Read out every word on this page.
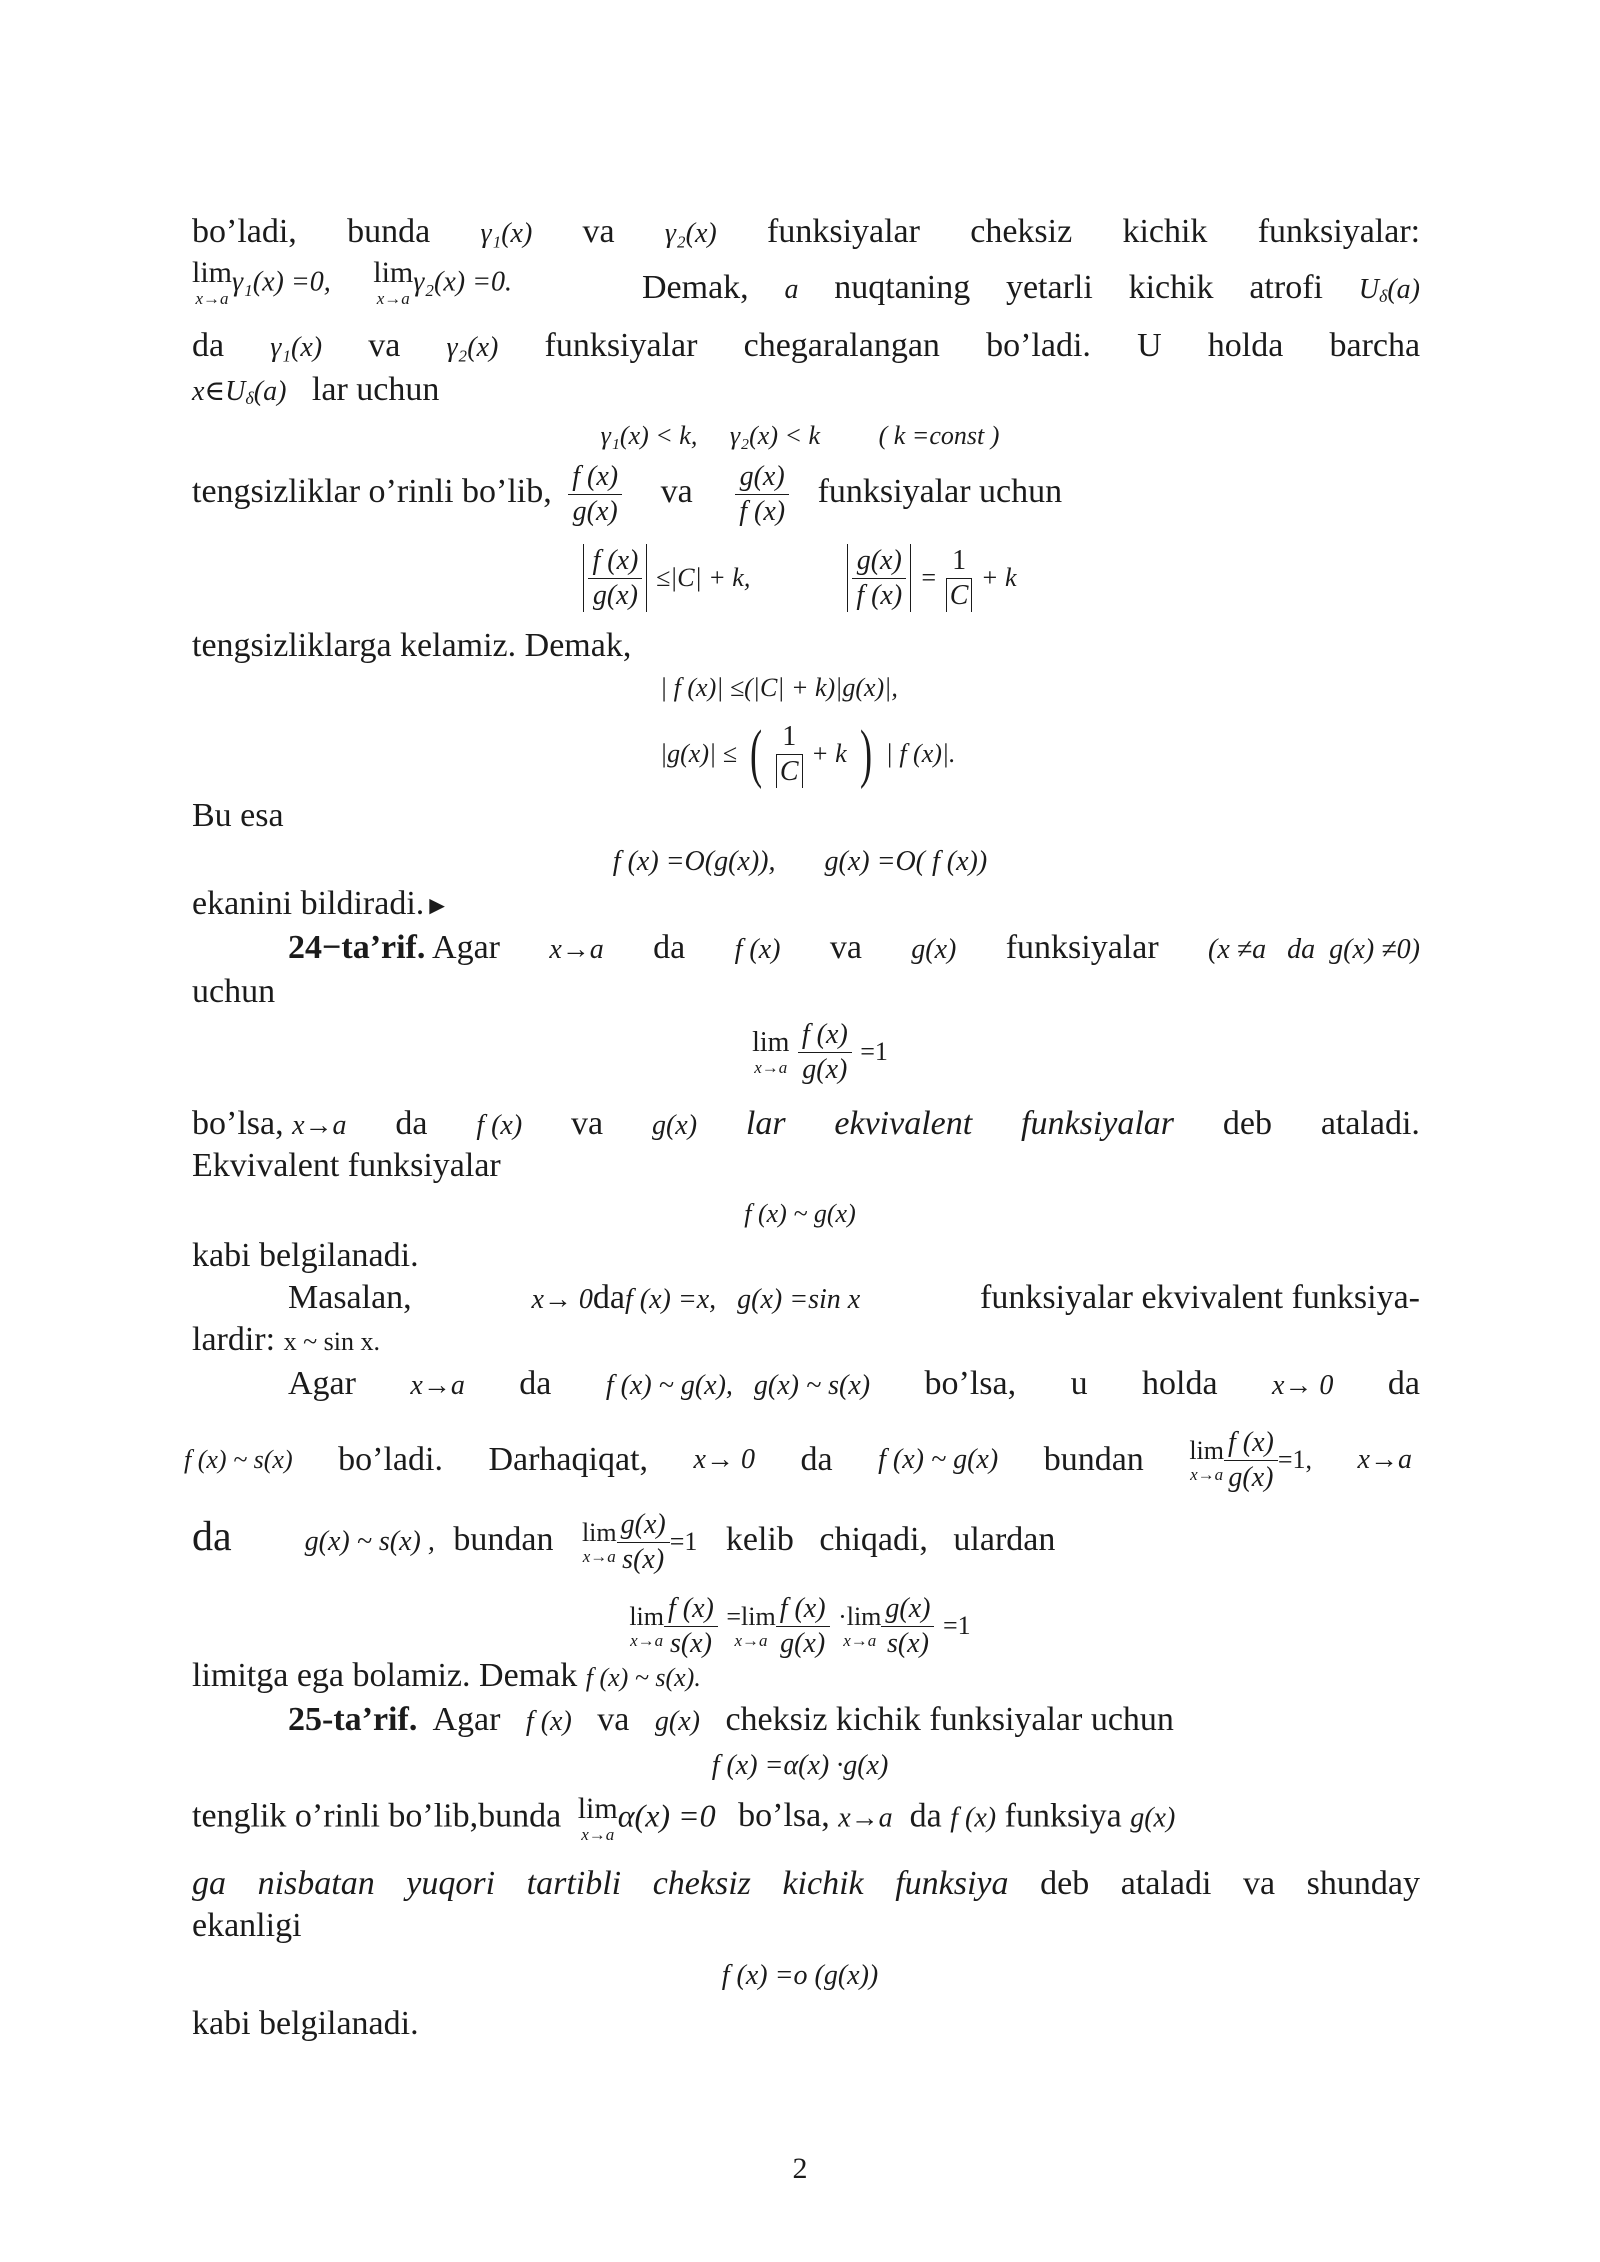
bo’ladi, bunda γ₁(x) va γ₂(x) funksiyalar cheksiz kichik funksiyalar:
lim
x→a
γ₁(x) =0, lim
x→a
γ₂(x) =0.	Demak, a nuqtaning yetarli kichik atrofi $U_\delta(a)$
da γ₁(x) va γ₂(x) funksiyalar chegaralangan bo’ladi. U holda barcha
$x\in U_\delta(a)$ lar uchun
γ₁(x) < k,     γ₂(x) < k         ( k =const )
tengsizliklar o’rinli bo’lib, $\frac{f (x)}{g(x)}$ va $\frac{g(x)}{f (x)}$ funksiyalar uchun
$\frac{f (x)}{g(x)} \le|C| + k$,	$\frac{g(x)}{f (x)} = \frac{1}{C} + k$
tengsizliklarga kelamiz. Demak,
| f (x)| ≤(|C| + k)|g(x)|,
|g(x)| ≤ ( $\frac{1}{C} + k$ ) | f (x)|.
Bu esa
f (x) =O(g(x)),       g(x) =O( f (x))
ekanini bildiradi.►
24−ta’rif. Agar x→a da f (x) va g(x) funksiyalar (x ≠a   da  g(x) ≠0)
uchun
lim
x→a
$\frac{f (x)}{g(x)} =1$
bo’lsa, x→a da f (x) va g(x) lar ekvivalent funksiyalar deb ataladi.
Ekvivalent funksiyalar
f (x) ~ g(x)
kabi belgilanadi.
Masalan,	x→ 0daf (x) =x,   g(x) =sin x	funksiyalar ekvivalent funksiya-
lardir: x ~ sin x.
Agar x→a da f (x) ~ g(x),   g(x) ~ s(x) bo’lsa, u holda x→ 0 da
f (x) ~ s(x) bo’ladi. Darhaqiqat, x→ 0 da f (x) ~ g(x) bundan lim
$x\to a \frac{f (x)}{g(x)} =1$, x→a
da	g(x) ~ s(x) , bundan lim
$x\to a \frac{g(x)}{s(x)} =1$ kelib   chiqadi,   ulardan
lim
$x\to a \frac{f (x)}{s(x)}$
=lim
$x\to a \frac{f (x)}{g(x)}$
·lim
$x\to a \frac{g(x)}{s(x)} =1$
limitga ega bolamiz. Demak f (x) ~ s(x).
25-ta’rif. Agar f (x) va g(x) cheksiz kichik funksiyalar uchun
f (x) =α(x) ·g(x)
tenglik o’rinli bo’lib,bunda lim
x→a
α(x) =0 bo’lsa, x→a da f (x) funksiya g(x)
ga nisbatan yuqori tartibli cheksiz kichik funksiya deb ataladi va shunday
ekanligi
f (x) =o (g(x))
kabi belgilanadi.
2
